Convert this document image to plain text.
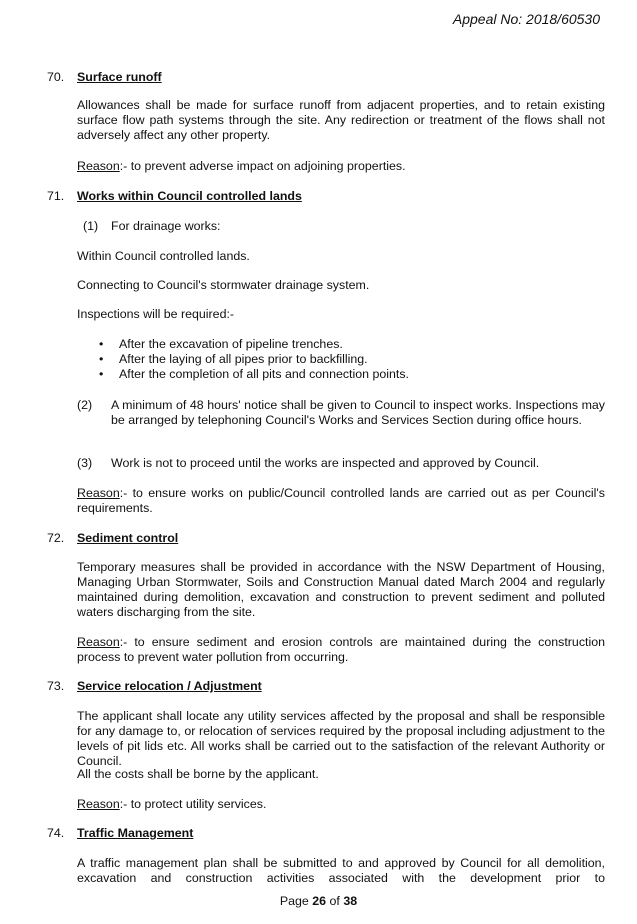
Appeal No: 2018/60530
70. Surface runoff

Allowances shall be made for surface runoff from adjacent properties, and to retain existing surface flow path systems through the site. Any redirection or treatment of the flows shall not adversely affect any other property.

Reason:- to prevent adverse impact on adjoining properties.

71. Works within Council controlled lands
(1) For drainage works:

Within Council controlled lands.

Connecting to Council's stormwater drainage system.

Inspections will be required:-

• After the excavation of pipeline trenches.
• After the laying of all pipes prior to backfilling.
• After the completion of all pits and connection points.
(2) A minimum of 48 hours' notice shall be given to Council to inspect works. Inspections may be arranged by telephoning Council's Works and Services Section during office hours.

(3) Work is not to proceed until the works are inspected and approved by Council.

Reason:- to ensure works on public/Council controlled lands are carried out as per Council's requirements.

72. Sediment control

Temporary measures shall be provided in accordance with the NSW Department of Housing, Managing Urban Stormwater, Soils and Construction Manual dated March 2004 and regularly maintained during demolition, excavation and construction to prevent sediment and polluted waters discharging from the site.

Reason:- to ensure sediment and erosion controls are maintained during the construction process to prevent water pollution from occurring.

73. Service relocation / Adjustment

The applicant shall locate any utility services affected by the proposal and shall be responsible for any damage to, or relocation of services required by the proposal including adjustment to the levels of pit lids etc. All works shall be carried out to the satisfaction of the relevant Authority or Council.

All the costs shall be borne by the applicant.

Reason:- to protect utility services.

74. Traffic Management

A traffic management plan shall be submitted to and approved by Council for all demolition, excavation and construction activities associated with the development prior to

Page 26 of 38
